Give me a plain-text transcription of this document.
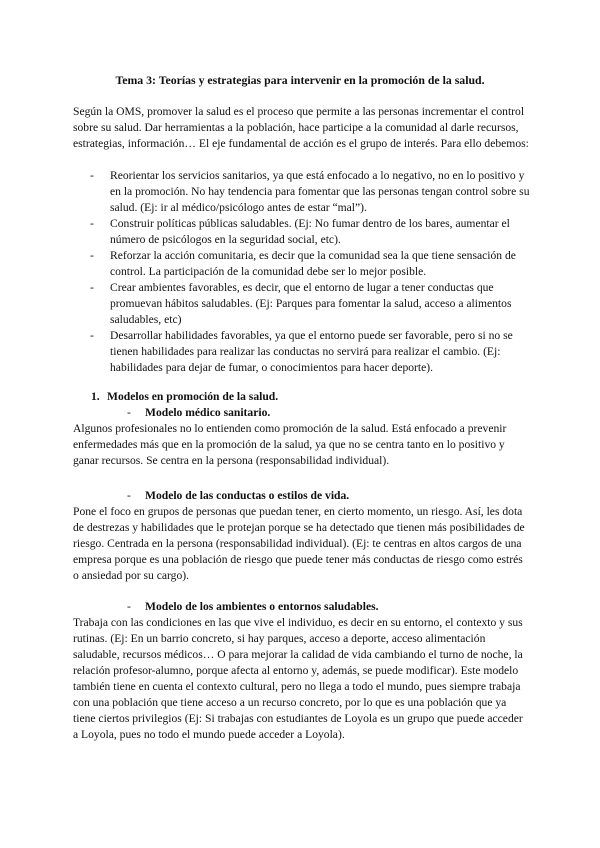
Tema 3: Teorías y estrategias para intervenir en la promoción de la salud.

Según la OMS, promover la salud es el proceso que permite a las personas incrementar el control sobre su salud. Dar herramientas a la población, hace participe a la comunidad al darle recursos, estrategias, información… El eje fundamental de acción es el grupo de interés. Para ello debemos:

- Reorientar los servicios sanitarios, ya que está enfocado a lo negativo, no en lo positivo y en la promoción. No hay tendencia para fomentar que las personas tengan control sobre su salud. (Ej: ir al médico/psicólogo antes de estar “mal”).
- Construir políticas públicas saludables. (Ej: No fumar dentro de los bares, aumentar el número de psicólogos en la seguridad social, etc).
- Reforzar la acción comunitaria, es decir que la comunidad sea la que tiene sensación de control. La participación de la comunidad debe ser lo mejor posible.
- Crear ambientes favorables, es decir, que el entorno de lugar a tener conductas que promuevan hábitos saludables. (Ej: Parques para fomentar la salud, acceso a alimentos saludables, etc)
- Desarrollar habilidades favorables, ya que el entorno puede ser favorable, pero si no se tienen habilidades para realizar las conductas no servirá para realizar el cambio. (Ej: habilidades para dejar de fumar, o conocimientos para hacer deporte).
1. Modelos en promoción de la salud.
- Modelo médico sanitario.

Algunos profesionales no lo entienden como promoción de la salud. Está enfocado a prevenir enfermedades más que en la promoción de la salud, ya que no se centra tanto en lo positivo y ganar recursos. Se centra en la persona (responsabilidad individual).

- Modelo de las conductas o estilos de vida.

Pone el foco en grupos de personas que puedan tener, en cierto momento, un riesgo. Así, les dota de destrezas y habilidades que le protejan porque se ha detectado que tienen más posibilidades de riesgo. Centrada en la persona (responsabilidad individual). (Ej: te centras en altos cargos de una empresa porque es una población de riesgo que puede tener más conductas de riesgo como estrés o ansiedad por su cargo).

- Modelo de los ambientes o entornos saludables.

Trabaja con las condiciones en las que vive el individuo, es decir en su entorno, el contexto y sus rutinas. (Ej: En un barrio concreto, si hay parques, acceso a deporte, acceso alimentación saludable, recursos médicos… O para mejorar la calidad de vida cambiando el turno de noche, la relación profesor-alumno, porque afecta al entorno y, además, se puede modificar). Este modelo también tiene en cuenta el contexto cultural, pero no llega a todo el mundo, pues siempre trabaja con una población que tiene acceso a un recurso concreto, por lo que es una población que ya tiene ciertos privilegios (Ej: Si trabajas con estudiantes de Loyola es un grupo que puede acceder a Loyola, pues no todo el mundo puede acceder a Loyola).
